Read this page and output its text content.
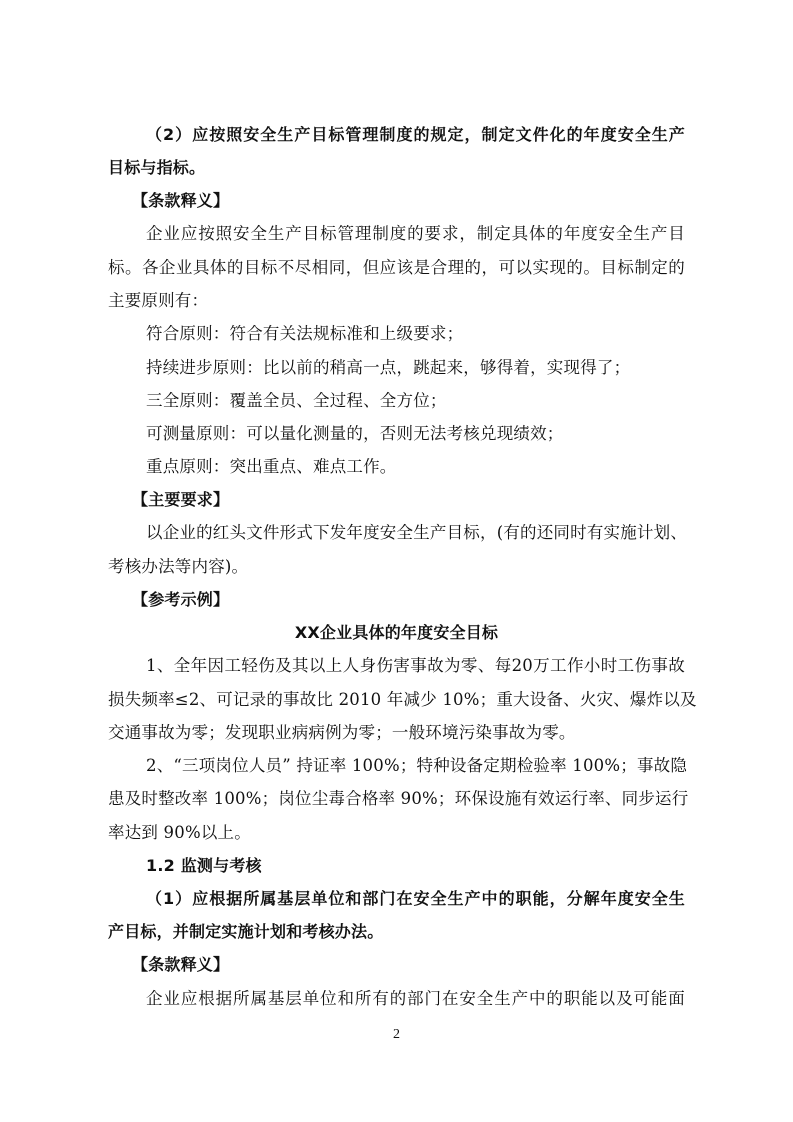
（2）应按照安全生产目标管理制度的规定，制定文件化的年度安全生产
目标与指标。
【条款释义】
企业应按照安全生产目标管理制度的要求，制定具体的年度安全生产目
标。各企业具体的目标不尽相同，但应该是合理的，可以实现的。目标制定的
主要原则有：
符合原则：符合有关法规标准和上级要求；
持续进步原则：比以前的稍高一点，跳起来，够得着，实现得了；
三全原则：覆盖全员、全过程、全方位；
可测量原则：可以量化测量的，否则无法考核兑现绩效；
重点原则：突出重点、难点工作。
【主要要求】
以企业的红头文件形式下发年度安全生产目标，(有的还同时有实施计划、
考核办法等内容)。
【参考示例】
XX企业具体的年度安全目标
1、全年因工轻伤及其以上人身伤害事故为零、每20万工作小时工伤事故
损失频率≤2、可记录的事故比 2010 年减少 10%；重大设备、火灾、爆炸以及
交通事故为零；发现职业病病例为零；一般环境污染事故为零。
2、“三项岗位人员” 持证率 100%；特种设备定期检验率 100%；事故隐
患及时整改率 100%；岗位尘毒合格率 90%；环保设施有效运行率、同步运行
率达到 90%以上。
1.2 监测与考核
（1）应根据所属基层单位和部门在安全生产中的职能，分解年度安全生
产目标，并制定实施计划和考核办法。
【条款释义】
企业应根据所属基层单位和所有的部门在安全生产中的职能以及可能面
2
